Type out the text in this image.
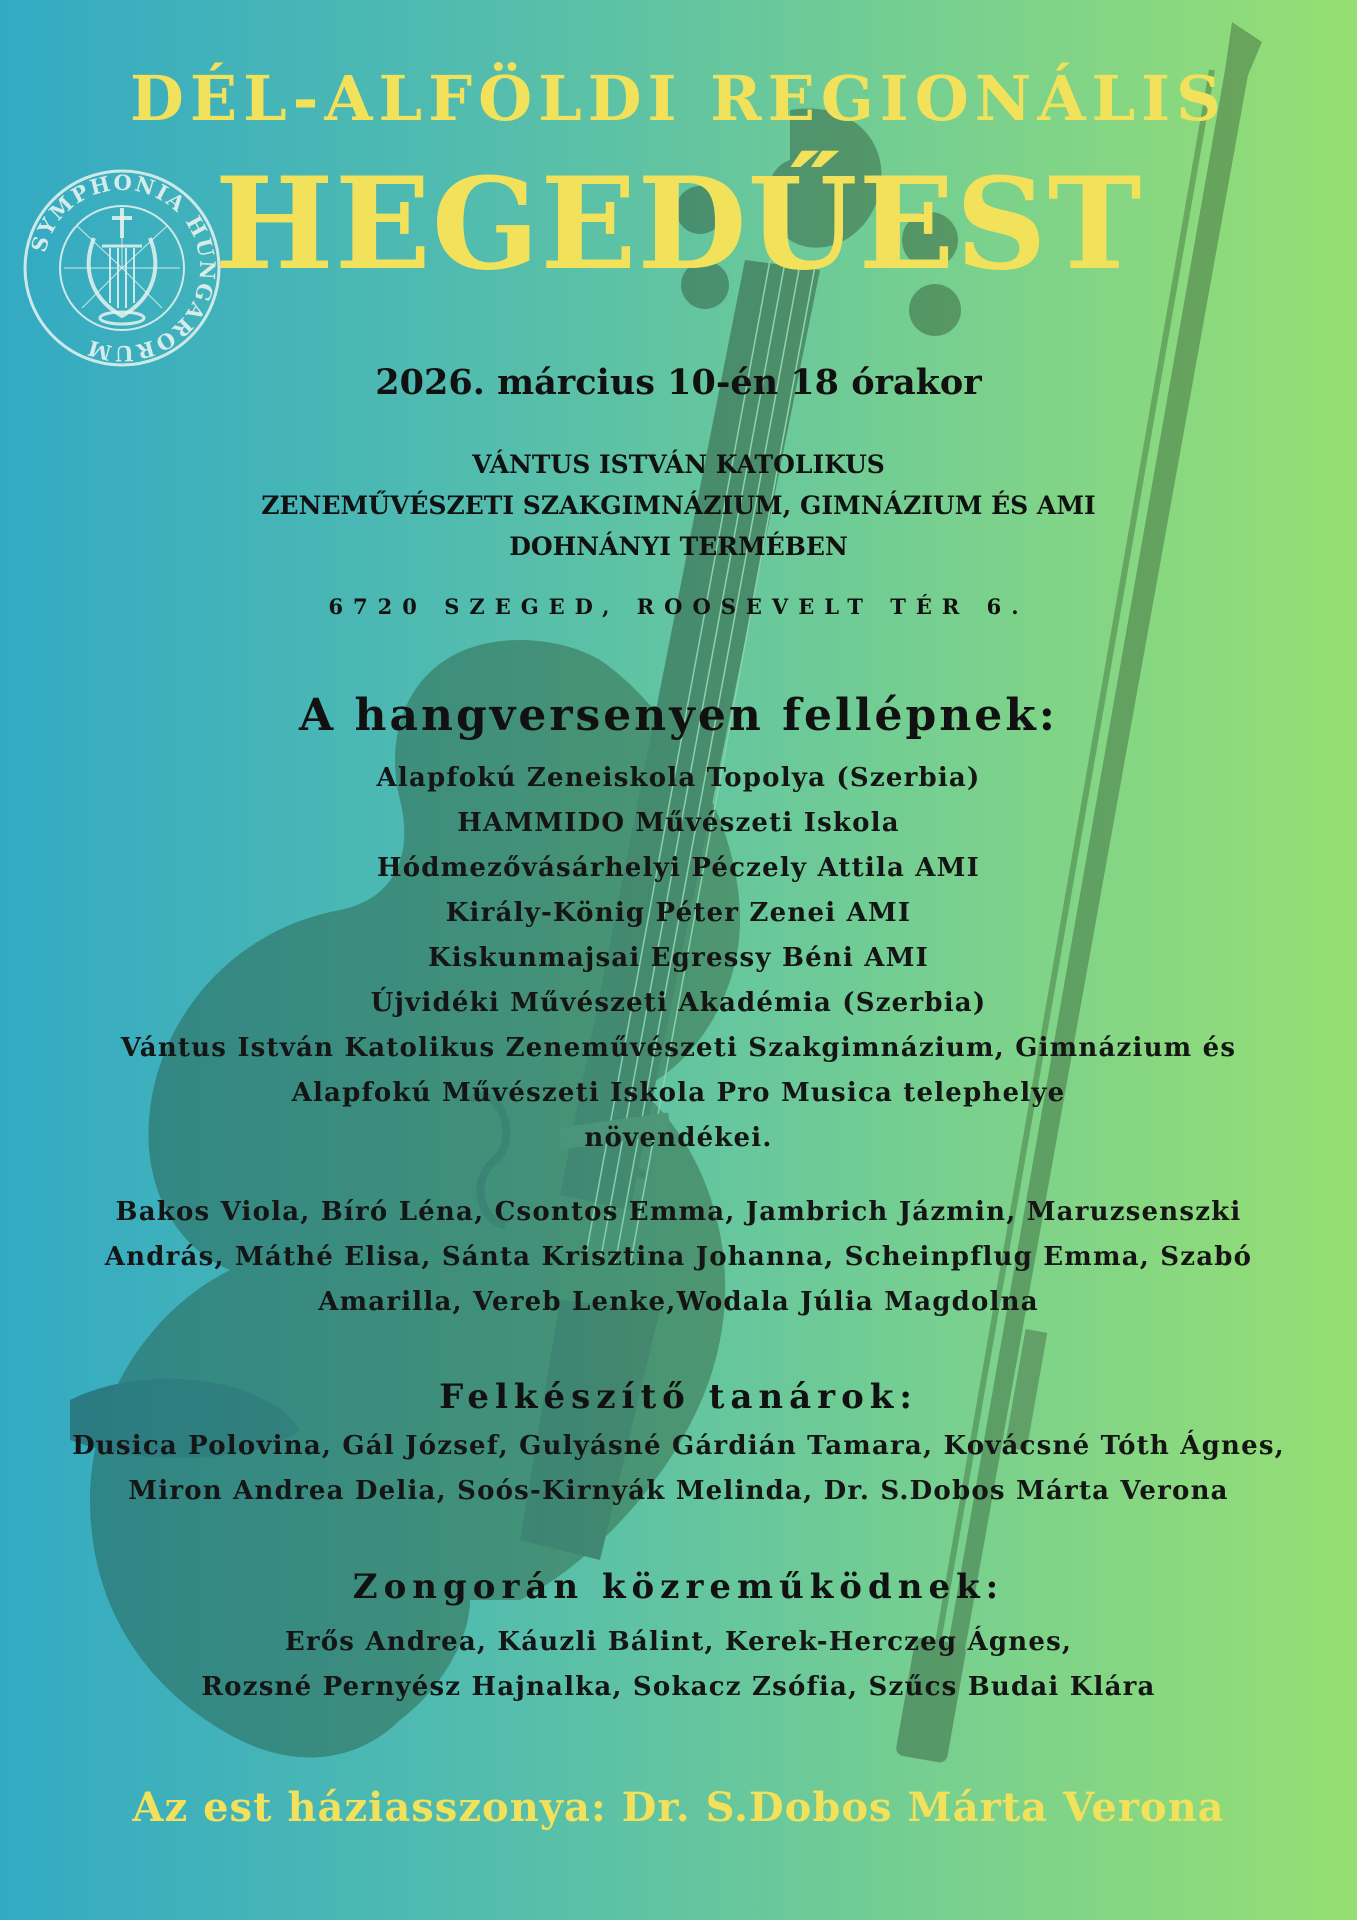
SYMPHONIA HUNGARORUM
DÉL-ALFÖLDI REGIONÁLIS
HEGEDŰEST
2026. március 10-én 18 órakor
VÁNTUS ISTVÁN KATOLIKUS
ZENEMŰVÉSZETI SZAKGIMNÁZIUM, GIMNÁZIUM ÉS AMI
DOHNÁNYI TERMÉBEN
6720 SZEGED, ROOSEVELT TÉR 6.
A hangversenyen fellépnek:
Alapfokú Zeneiskola Topolya (Szerbia)
HAMMIDO Művészeti Iskola
Hódmezővásárhelyi Péczely Attila AMI
Király-König Péter Zenei AMI
Kiskunmajsai Egressy Béni AMI
Újvidéki Művészeti Akadémia (Szerbia)
Vántus István Katolikus Zeneművészeti Szakgimnázium, Gimnázium és
Alapfokú Művészeti Iskola Pro Musica telephelye
növendékei.
Bakos Viola, Bíró Léna, Csontos Emma, Jambrich Jázmin, Maruzsenszki
András, Máthé Elisa, Sánta Krisztina Johanna, Scheinpflug Emma, Szabó
Amarilla, Vereb Lenke,Wodala Júlia Magdolna
Felkészítő tanárok:
Dusica Polovina, Gál József, Gulyásné Gárdián Tamara, Kovácsné Tóth Ágnes,
Miron Andrea Delia, Soós-Kirnyák Melinda, Dr. S.Dobos Márta Verona
Zongorán közreműködnek:
Erős Andrea, Káuzli Bálint, Kerek-Herczeg Ágnes,
Rozsné Pernyész Hajnalka, Sokacz Zsófia, Szűcs Budai Klára
Az est háziasszonya: Dr. S.Dobos Márta Verona
